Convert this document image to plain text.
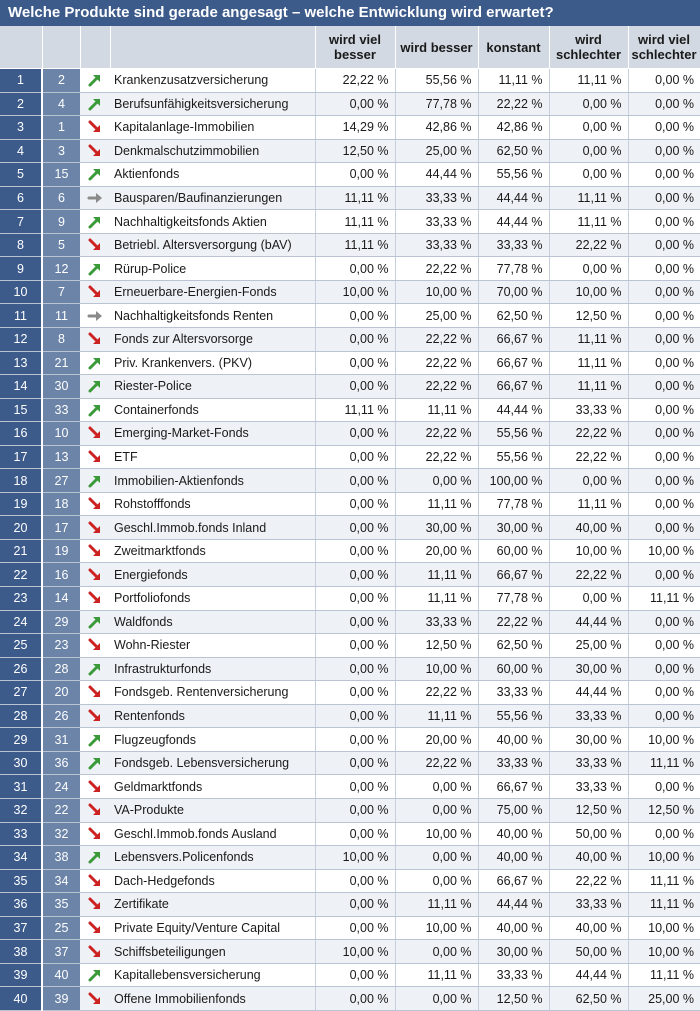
Welche Produkte sind gerade angesagt – welche Entwicklung wird erwartet?
				wird viel besser	wird besser	konstant	wird schlechter	wird viel schlechter
1	2		Krankenzusatzversicherung	22,22 %	55,56 %	11,11 %	11,11 %	0,00 %
2	4		Berufsunfähigkeitsversicherung	0,00 %	77,78 %	22,22 %	0,00 %	0,00 %
3	1		Kapitalanlage-Immobilien	14,29 %	42,86 %	42,86 %	0,00 %	0,00 %
4	3		Denkmalschutzimmobilien	12,50 %	25,00 %	62,50 %	0,00 %	0,00 %
5	15		Aktienfonds	0,00 %	44,44 %	55,56 %	0,00 %	0,00 %
6	6		Bausparen/Baufinanzierungen	11,11 %	33,33 %	44,44 %	11,11 %	0,00 %
7	9		Nachhaltigkeitsfonds Aktien	11,11 %	33,33 %	44,44 %	11,11 %	0,00 %
8	5		Betriebl. Altersversorgung (bAV)	11,11 %	33,33 %	33,33 %	22,22 %	0,00 %
9	12		Rürup-Police	0,00 %	22,22 %	77,78 %	0,00 %	0,00 %
10	7		Erneuerbare-Energien-Fonds	10,00 %	10,00 %	70,00 %	10,00 %	0,00 %
11	11		Nachhaltigkeitsfonds Renten	0,00 %	25,00 %	62,50 %	12,50 %	0,00 %
12	8		Fonds zur Altersvorsorge	0,00 %	22,22 %	66,67 %	11,11 %	0,00 %
13	21		Priv. Krankenvers. (PKV)	0,00 %	22,22 %	66,67 %	11,11 %	0,00 %
14	30		Riester-Police	0,00 %	22,22 %	66,67 %	11,11 %	0,00 %
15	33		Containerfonds	11,11 %	11,11 %	44,44 %	33,33 %	0,00 %
16	10		Emerging-Market-Fonds	0,00 %	22,22 %	55,56 %	22,22 %	0,00 %
17	13		ETF	0,00 %	22,22 %	55,56 %	22,22 %	0,00 %
18	27		Immobilien-Aktienfonds	0,00 %	0,00 %	100,00 %	0,00 %	0,00 %
19	18		Rohstofffonds	0,00 %	11,11 %	77,78 %	11,11 %	0,00 %
20	17		Geschl.Immob.fonds Inland	0,00 %	30,00 %	30,00 %	40,00 %	0,00 %
21	19		Zweitmarktfonds	0,00 %	20,00 %	60,00 %	10,00 %	10,00 %
22	16		Energiefonds	0,00 %	11,11 %	66,67 %	22,22 %	0,00 %
23	14		Portfoliofonds	0,00 %	11,11 %	77,78 %	0,00 %	11,11 %
24	29		Waldfonds	0,00 %	33,33 %	22,22 %	44,44 %	0,00 %
25	23		Wohn-Riester	0,00 %	12,50 %	62,50 %	25,00 %	0,00 %
26	28		Infrastrukturfonds	0,00 %	10,00 %	60,00 %	30,00 %	0,00 %
27	20		Fondsgeb. Rentenversicherung	0,00 %	22,22 %	33,33 %	44,44 %	0,00 %
28	26		Rentenfonds	0,00 %	11,11 %	55,56 %	33,33 %	0,00 %
29	31		Flugzeugfonds	0,00 %	20,00 %	40,00 %	30,00 %	10,00 %
30	36		Fondsgeb. Lebensversicherung	0,00 %	22,22 %	33,33 %	33,33 %	11,11 %
31	24		Geldmarktfonds	0,00 %	0,00 %	66,67 %	33,33 %	0,00 %
32	22		VA-Produkte	0,00 %	0,00 %	75,00 %	12,50 %	12,50 %
33	32		Geschl.Immob.fonds Ausland	0,00 %	10,00 %	40,00 %	50,00 %	0,00 %
34	38		Lebensvers.Policenfonds	10,00 %	0,00 %	40,00 %	40,00 %	10,00 %
35	34		Dach-Hedgefonds	0,00 %	0,00 %	66,67 %	22,22 %	11,11 %
36	35		Zertifikate	0,00 %	11,11 %	44,44 %	33,33 %	11,11 %
37	25		Private Equity/Venture Capital	0,00 %	10,00 %	40,00 %	40,00 %	10,00 %
38	37		Schiffsbeteiligungen	10,00 %	0,00 %	30,00 %	50,00 %	10,00 %
39	40		Kapitallebensversicherung	0,00 %	11,11 %	33,33 %	44,44 %	11,11 %
40	39		Offene Immobilienfonds	0,00 %	0,00 %	12,50 %	62,50 %	25,00 %
